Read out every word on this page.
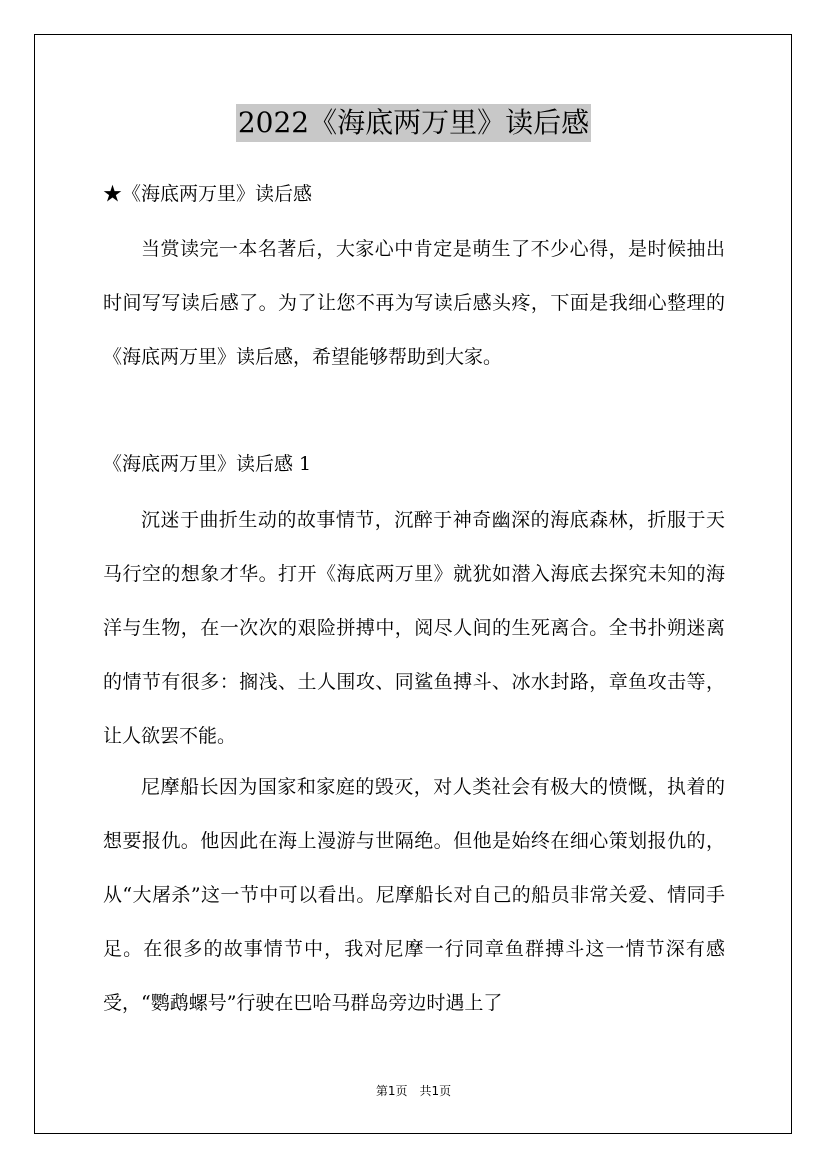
2022《海底两万里》读后感
★《海底两万里》读后感

当赏读完一本名著后，大家心中肯定是萌生了不少心得，是时候抽出时间写写读后感了。为了让您不再为写读后感头疼，下面是我细心整理的《海底两万里》读后感，希望能够帮助到大家。

《海底两万里》读后感 1

沉迷于曲折生动的故事情节，沉醉于神奇幽深的海底森林，折服于天马行空的想象才华。打开《海底两万里》就犹如潜入海底去探究未知的海洋与生物，在一次次的艰险拼搏中，阅尽人间的生死离合。全书扑朔迷离的情节有很多：搁浅、土人围攻、同鲨鱼搏斗、冰水封路，章鱼攻击等，让人欲罢不能。

尼摩船长因为国家和家庭的毁灭，对人类社会有极大的愤慨，执着的想要报仇。他因此在海上漫游与世隔绝。但他是始终在细心策划报仇的，从“大屠杀”这一节中可以看出。尼摩船长对自己的船员非常关爱、情同手足。在很多的故事情节中，我对尼摩一行同章鱼群搏斗这一情节深有感受，“鹦鹉螺号”行驶在巴哈马群岛旁边时遇上了

第1页 共1页
